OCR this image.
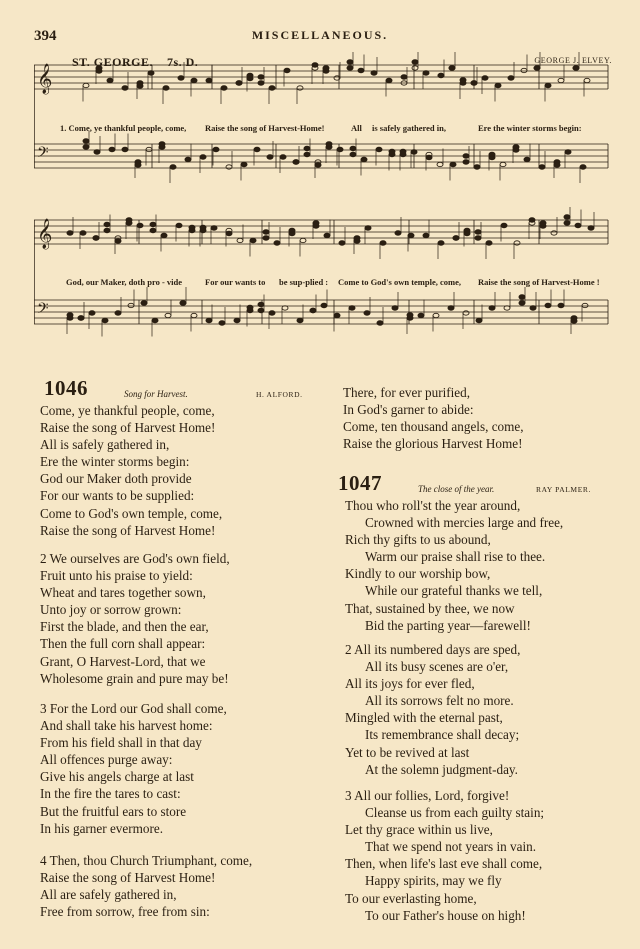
394	MISCELLANEOUS.
𝄞
𝄢
𝄞
𝄢
ST. GEORGE. 7s. D.	GEORGE J. ELVEY.
1. Come, ye thankful people, come, Raise the song of Harvest-Home!	All is safely gathered in,	Ere the winter storms begin:
God, our Maker, doth pro - vide	For our wants to be sup-plied : Come to God's own temple, come, Raise the song of Harvest-Home !
1046	Song for Harvest.	H. ALFORD.
Come, ye thankful people, come,
Raise the song of Harvest Home!
All is safely gathered in,
Ere the winter storms begin:
God our Maker doth provide
For our wants to be supplied:
Come to God's own temple, come,
Raise the song of Harvest Home!
2 We ourselves are God's own field,
Fruit unto his praise to yield:
Wheat and tares together sown,
Unto joy or sorrow grown:
First the blade, and then the ear,
Then the full corn shall appear:
Grant, O Harvest-Lord, that we
Wholesome grain and pure may be!
3 For the Lord our God shall come,
And shall take his harvest home:
From his field shall in that day
All offences purge away:
Give his angels charge at last
In the fire the tares to cast:
But the fruitful ears to store
In his garner evermore.
4 Then, thou Church Triumphant, come,
Raise the song of Harvest Home!
All are safely gathered in,
Free from sorrow, free from sin:
There, for ever purified,
In God's garner to abide:
Come, ten thousand angels, come,
Raise the glorious Harvest Home!
1047	The close of the year.	RAY PALMER.
Thou who roll'st the year around,
Crowned with mercies large and free,
Rich thy gifts to us abound,
Warm our praise shall rise to thee.
Kindly to our worship bow,
While our grateful thanks we tell,
That, sustained by thee, we now
Bid the parting year—farewell!
2 All its numbered days are sped,
All its busy scenes are o'er,
All its joys for ever fled,
All its sorrows felt no more.
Mingled with the eternal past,
Its remembrance shall decay;
Yet to be revived at last
At the solemn judgment-day.
3 All our follies, Lord, forgive!
Cleanse us from each guilty stain;
Let thy grace within us live,
That we spend not years in vain.
Then, when life's last eve shall come,
Happy spirits, may we fly
To our everlasting home,
To our Father's house on high!
